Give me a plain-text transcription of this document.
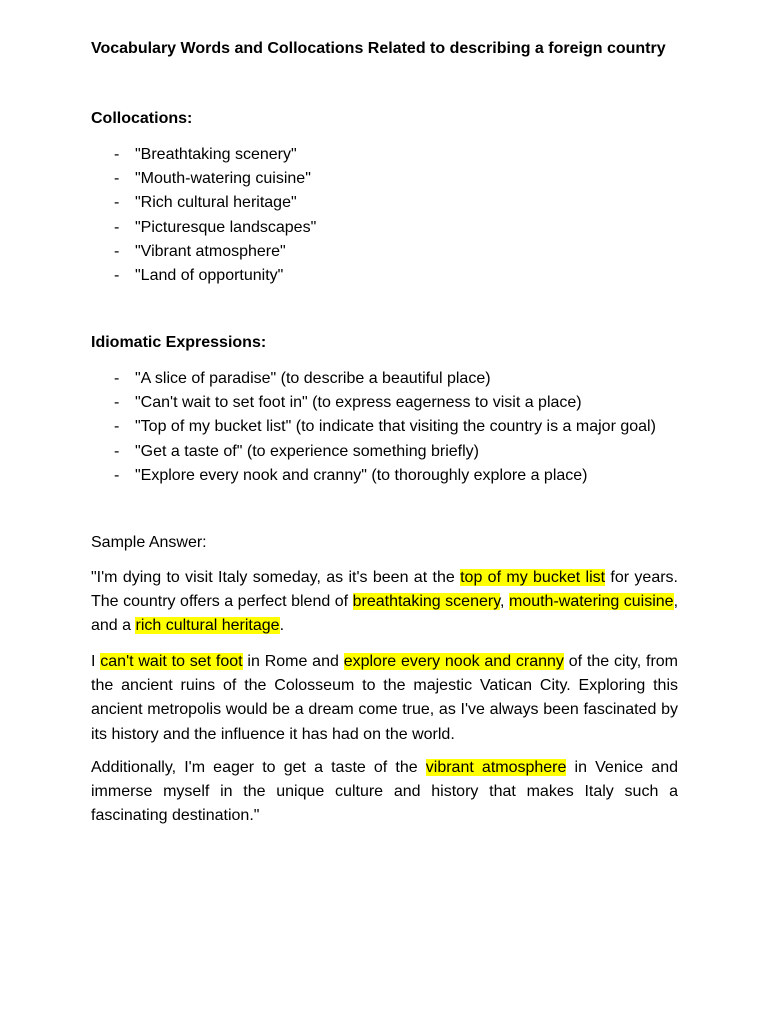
Vocabulary Words and Collocations Related to describing a foreign country
Collocations:
- "Breathtaking scenery"
- "Mouth-watering cuisine"
- "Rich cultural heritage"
- "Picturesque landscapes"
- "Vibrant atmosphere"
- "Land of opportunity"
Idiomatic Expressions:
- "A slice of paradise" (to describe a beautiful place)
- "Can't wait to set foot in" (to express eagerness to visit a place)
- "Top of my bucket list" (to indicate that visiting the country is a major goal)
- "Get a taste of" (to experience something briefly)
- "Explore every nook and cranny" (to thoroughly explore a place)
Sample Answer:

"I'm dying to visit Italy someday, as it's been at the top of my bucket list for years. The country offers a perfect blend of breathtaking scenery, mouth-watering cuisine, and a rich cultural heritage.

I can't wait to set foot in Rome and explore every nook and cranny of the city, from the ancient ruins of the Colosseum to the majestic Vatican City. Exploring this ancient metropolis would be a dream come true, as I've always been fascinated by its history and the influence it has had on the world.

Additionally, I'm eager to get a taste of the vibrant atmosphere in Venice and immerse myself in the unique culture and history that makes Italy such a fascinating destination."
